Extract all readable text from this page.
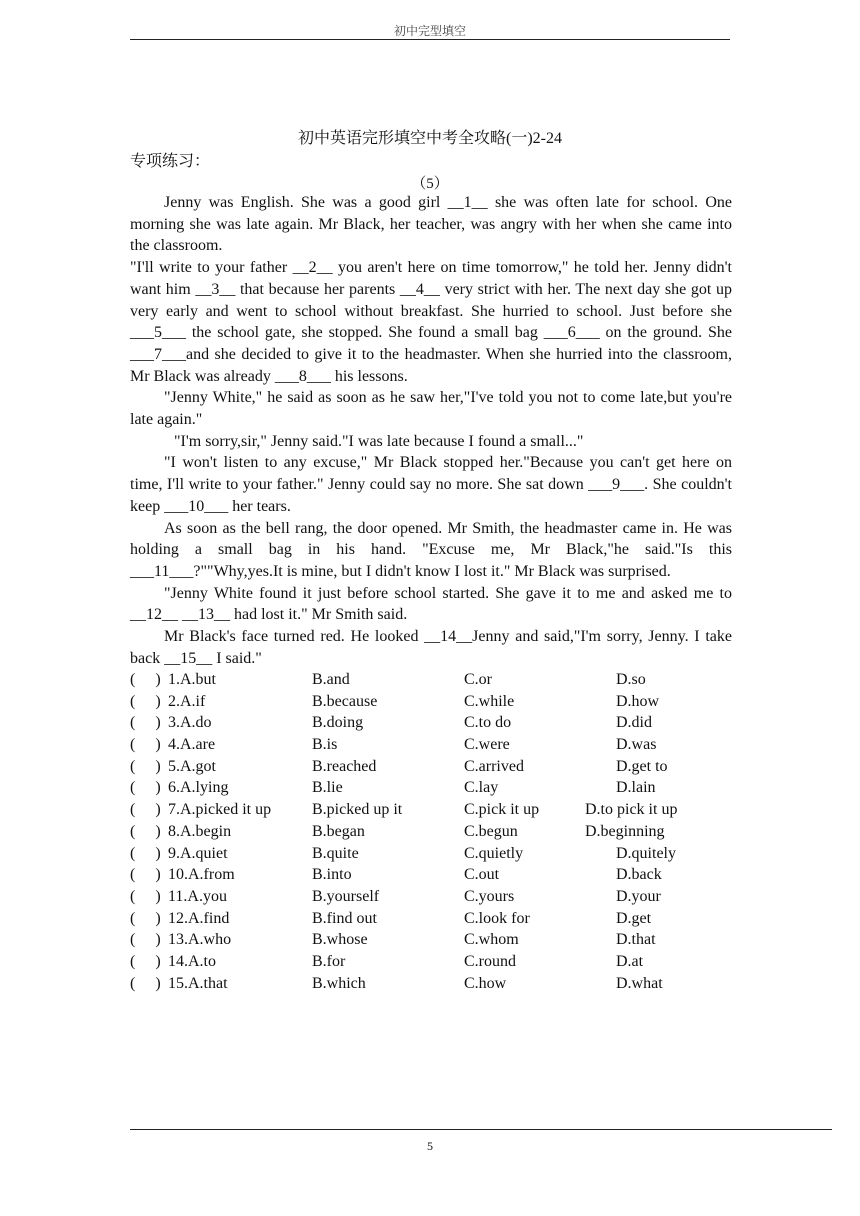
初中完型填空
初中英语完形填空中考全攻略(一)2-24
专项练习：
（5）

Jenny was English. She was a good girl __1__ she was often late for school. One morning she was late again. Mr Black, her teacher, was angry with her when she came into the classroom.

"I'll write to your father __2__ you aren't here on time tomorrow," he told her. Jenny didn't want him __3__ that because her parents __4__ very strict with her. The next day she got up very early and went to school without breakfast. She hurried to school. Just before she ___5___ the school gate, she stopped. She found a small bag ___6___ on the ground. She ___7___and she decided to give it to the headmaster. When she hurried into the classroom, Mr Black was already ___8___ his lessons.

"Jenny White," he said as soon as he saw her,"I've told you not to come late,but you're late again."

"I'm sorry,sir," Jenny said."I was late because I found a small..."

"I won't listen to any excuse," Mr Black stopped her."Because you can't get here on time, I'll write to your father." Jenny could say no more. She sat down ___9___. She couldn't keep ___10___ her tears.

As soon as the bell rang, the door opened. Mr Smith, the headmaster came in. He was holding a small bag in his hand. "Excuse me, Mr Black,"he said."Is this ___11___?""Why,yes.It is mine, but I didn't know I lost it." Mr Black was surprised.

"Jenny White found it just before school started. She gave it to me and asked me to __12__ __13__ had lost it." Mr Smith said.

Mr Black's face turned red. He looked __14__Jenny and said,"I'm sorry, Jenny. I take back __15__ I said."

(　 ) 1.A.but	B.and	C.or	D.so
(　 ) 2.A.if	B.because	C.while	D.how
(　 ) 3.A.do	B.doing	C.to do	D.did
(　 ) 4.A.are	B.is	C.were	D.was
(　 ) 5.A.got	B.reached	C.arrived	D.get to
(　 ) 6.A.lying	B.lie	C.lay	D.lain
(　 ) 7.A.picked it up	B.picked up it	C.pick it up	D.to pick it up
(　 ) 8.A.begin	B.began	C.begun	D.beginning
(　 ) 9.A.quiet	B.quite	C.quietly	D.quitely
(　 ) 10.A.from	B.into	C.out	D.back
(　 ) 11.A.you	B.yourself	C.yours	D.your
(　 ) 12.A.find	B.find out	C.look for	D.get
(　 ) 13.A.who	B.whose	C.whom	D.that
(　 ) 14.A.to	B.for	C.round	D.at
(　 ) 15.A.that	B.which	C.how	D.what
5
